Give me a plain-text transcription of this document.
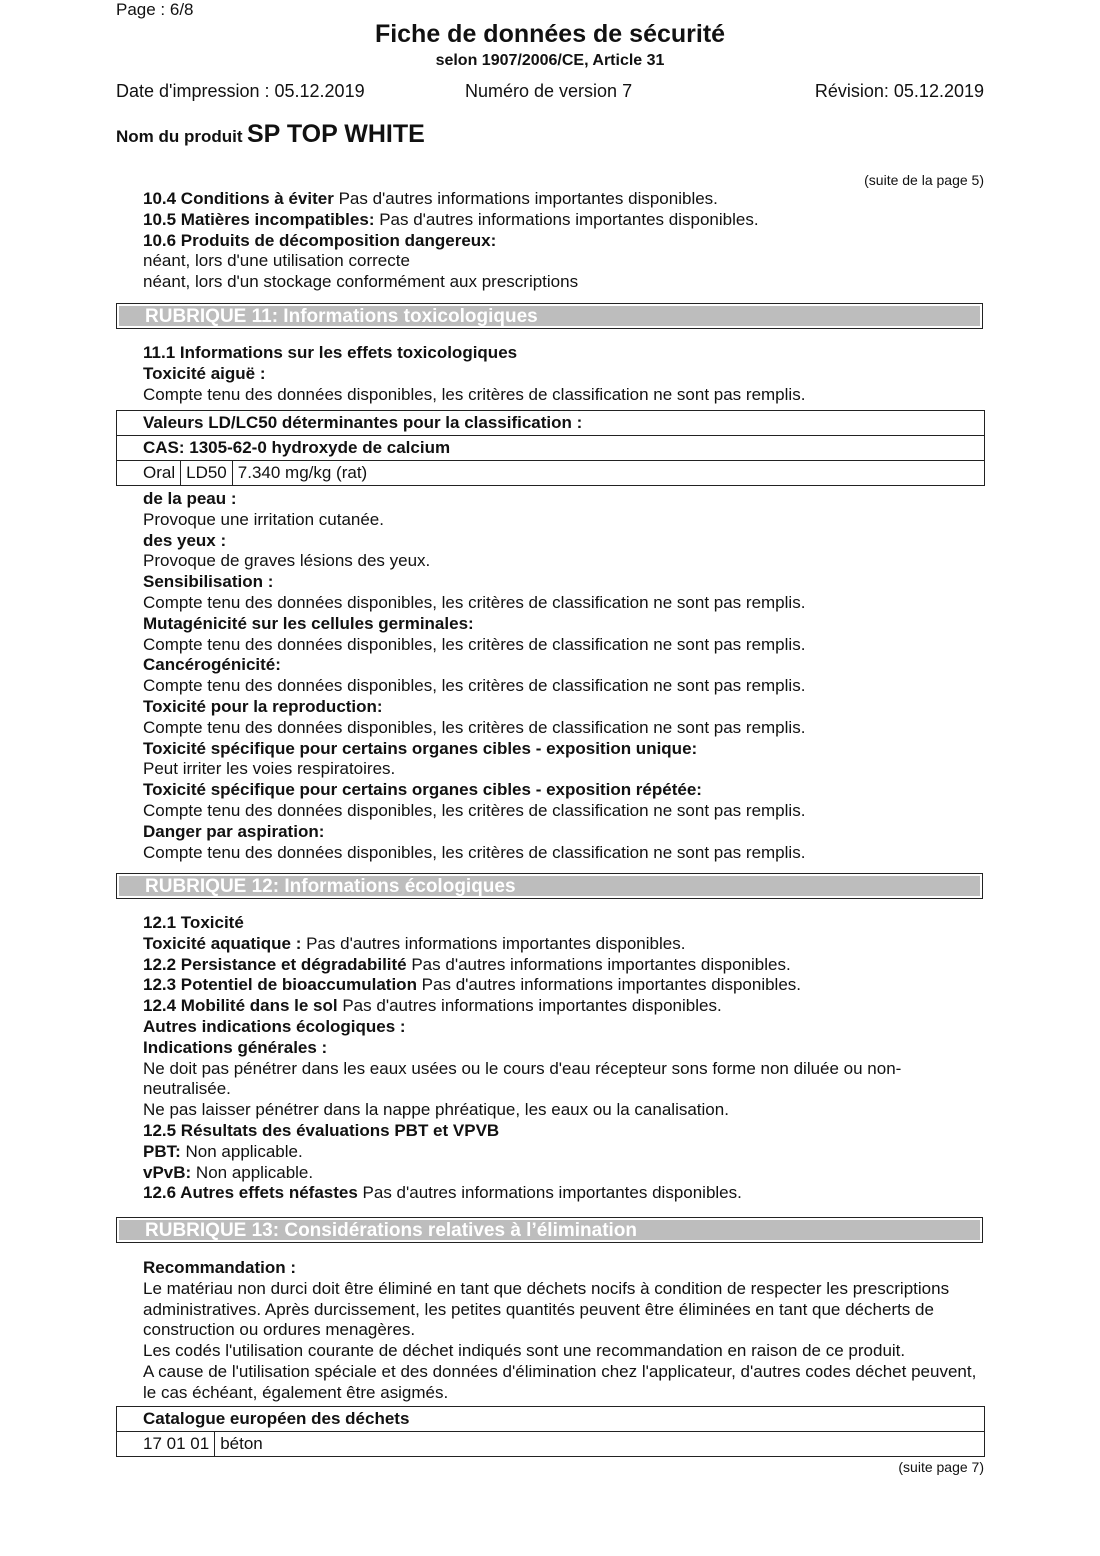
Page : 6/8
Fiche de données de sécurité
selon 1907/2006/CE, Article 31
Date d'impression : 05.12.2019	Numéro de version 7	Révision: 05.12.2019
Nom du produit SP TOP WHITE
(suite de la page 5)

10.4 Conditions à éviter Pas d'autres informations importantes disponibles.

10.5 Matières incompatibles: Pas d'autres informations importantes disponibles.

10.6 Produits de décomposition dangereux:

néant, lors d'une utilisation correcte

néant, lors d'un stockage conformément aux prescriptions

RUBRIQUE 11: Informations toxicologiques

11.1 Informations sur les effets toxicologiques

Toxicité aiguë :

Compte tenu des données disponibles, les critères de classification ne sont pas remplis.

Valeurs LD/LC50 déterminantes pour la classification :
CAS: 1305-62-0 hydroxyde de calcium
Oral LD50 7.340 mg/kg (rat)

de la peau :

Provoque une irritation cutanée.

des yeux :

Provoque de graves lésions des yeux.

Sensibilisation :

Compte tenu des données disponibles, les critères de classification ne sont pas remplis.

Mutagénicité sur les cellules germinales:

Compte tenu des données disponibles, les critères de classification ne sont pas remplis.

Cancérogénicité:

Compte tenu des données disponibles, les critères de classification ne sont pas remplis.

Toxicité pour la reproduction:

Compte tenu des données disponibles, les critères de classification ne sont pas remplis.

Toxicité spécifique pour certains organes cibles - exposition unique:

Peut irriter les voies respiratoires.

Toxicité spécifique pour certains organes cibles - exposition répétée:

Compte tenu des données disponibles, les critères de classification ne sont pas remplis.

Danger par aspiration:

Compte tenu des données disponibles, les critères de classification ne sont pas remplis.

RUBRIQUE 12: Informations écologiques

12.1 Toxicité

Toxicité aquatique : Pas d'autres informations importantes disponibles.

12.2 Persistance et dégradabilité Pas d'autres informations importantes disponibles.

12.3 Potentiel de bioaccumulation Pas d'autres informations importantes disponibles.

12.4 Mobilité dans le sol Pas d'autres informations importantes disponibles.

Autres indications écologiques :

Indications générales :

Ne doit pas pénétrer dans les eaux usées ou le cours d'eau récepteur sons forme non diluée ou non-neutralisée.

Ne pas laisser pénétrer dans la nappe phréatique, les eaux ou la canalisation.

12.5 Résultats des évaluations PBT et VPVB

PBT: Non applicable.

vPvB: Non applicable.

12.6 Autres effets néfastes Pas d'autres informations importantes disponibles.

RUBRIQUE 13: Considérations relatives à l’élimination

Recommandation :

Le matériau non durci doit être éliminé en tant que déchets nocifs à condition de respecter les prescriptions administratives. Après durcissement, les petites quantités peuvent être éliminées en tant que décherts de construction ou ordures menagères.

Les codés l'utilisation courante de déchet indiqués sont une recommandation en raison de ce produit.

A cause de l'utilisation spéciale et des données d'élimination chez l'applicateur, d'autres codes déchet peuvent, le cas échéant, également être asigmés.

Catalogue européen des déchets
17 01 01 béton
(suite page 7)
